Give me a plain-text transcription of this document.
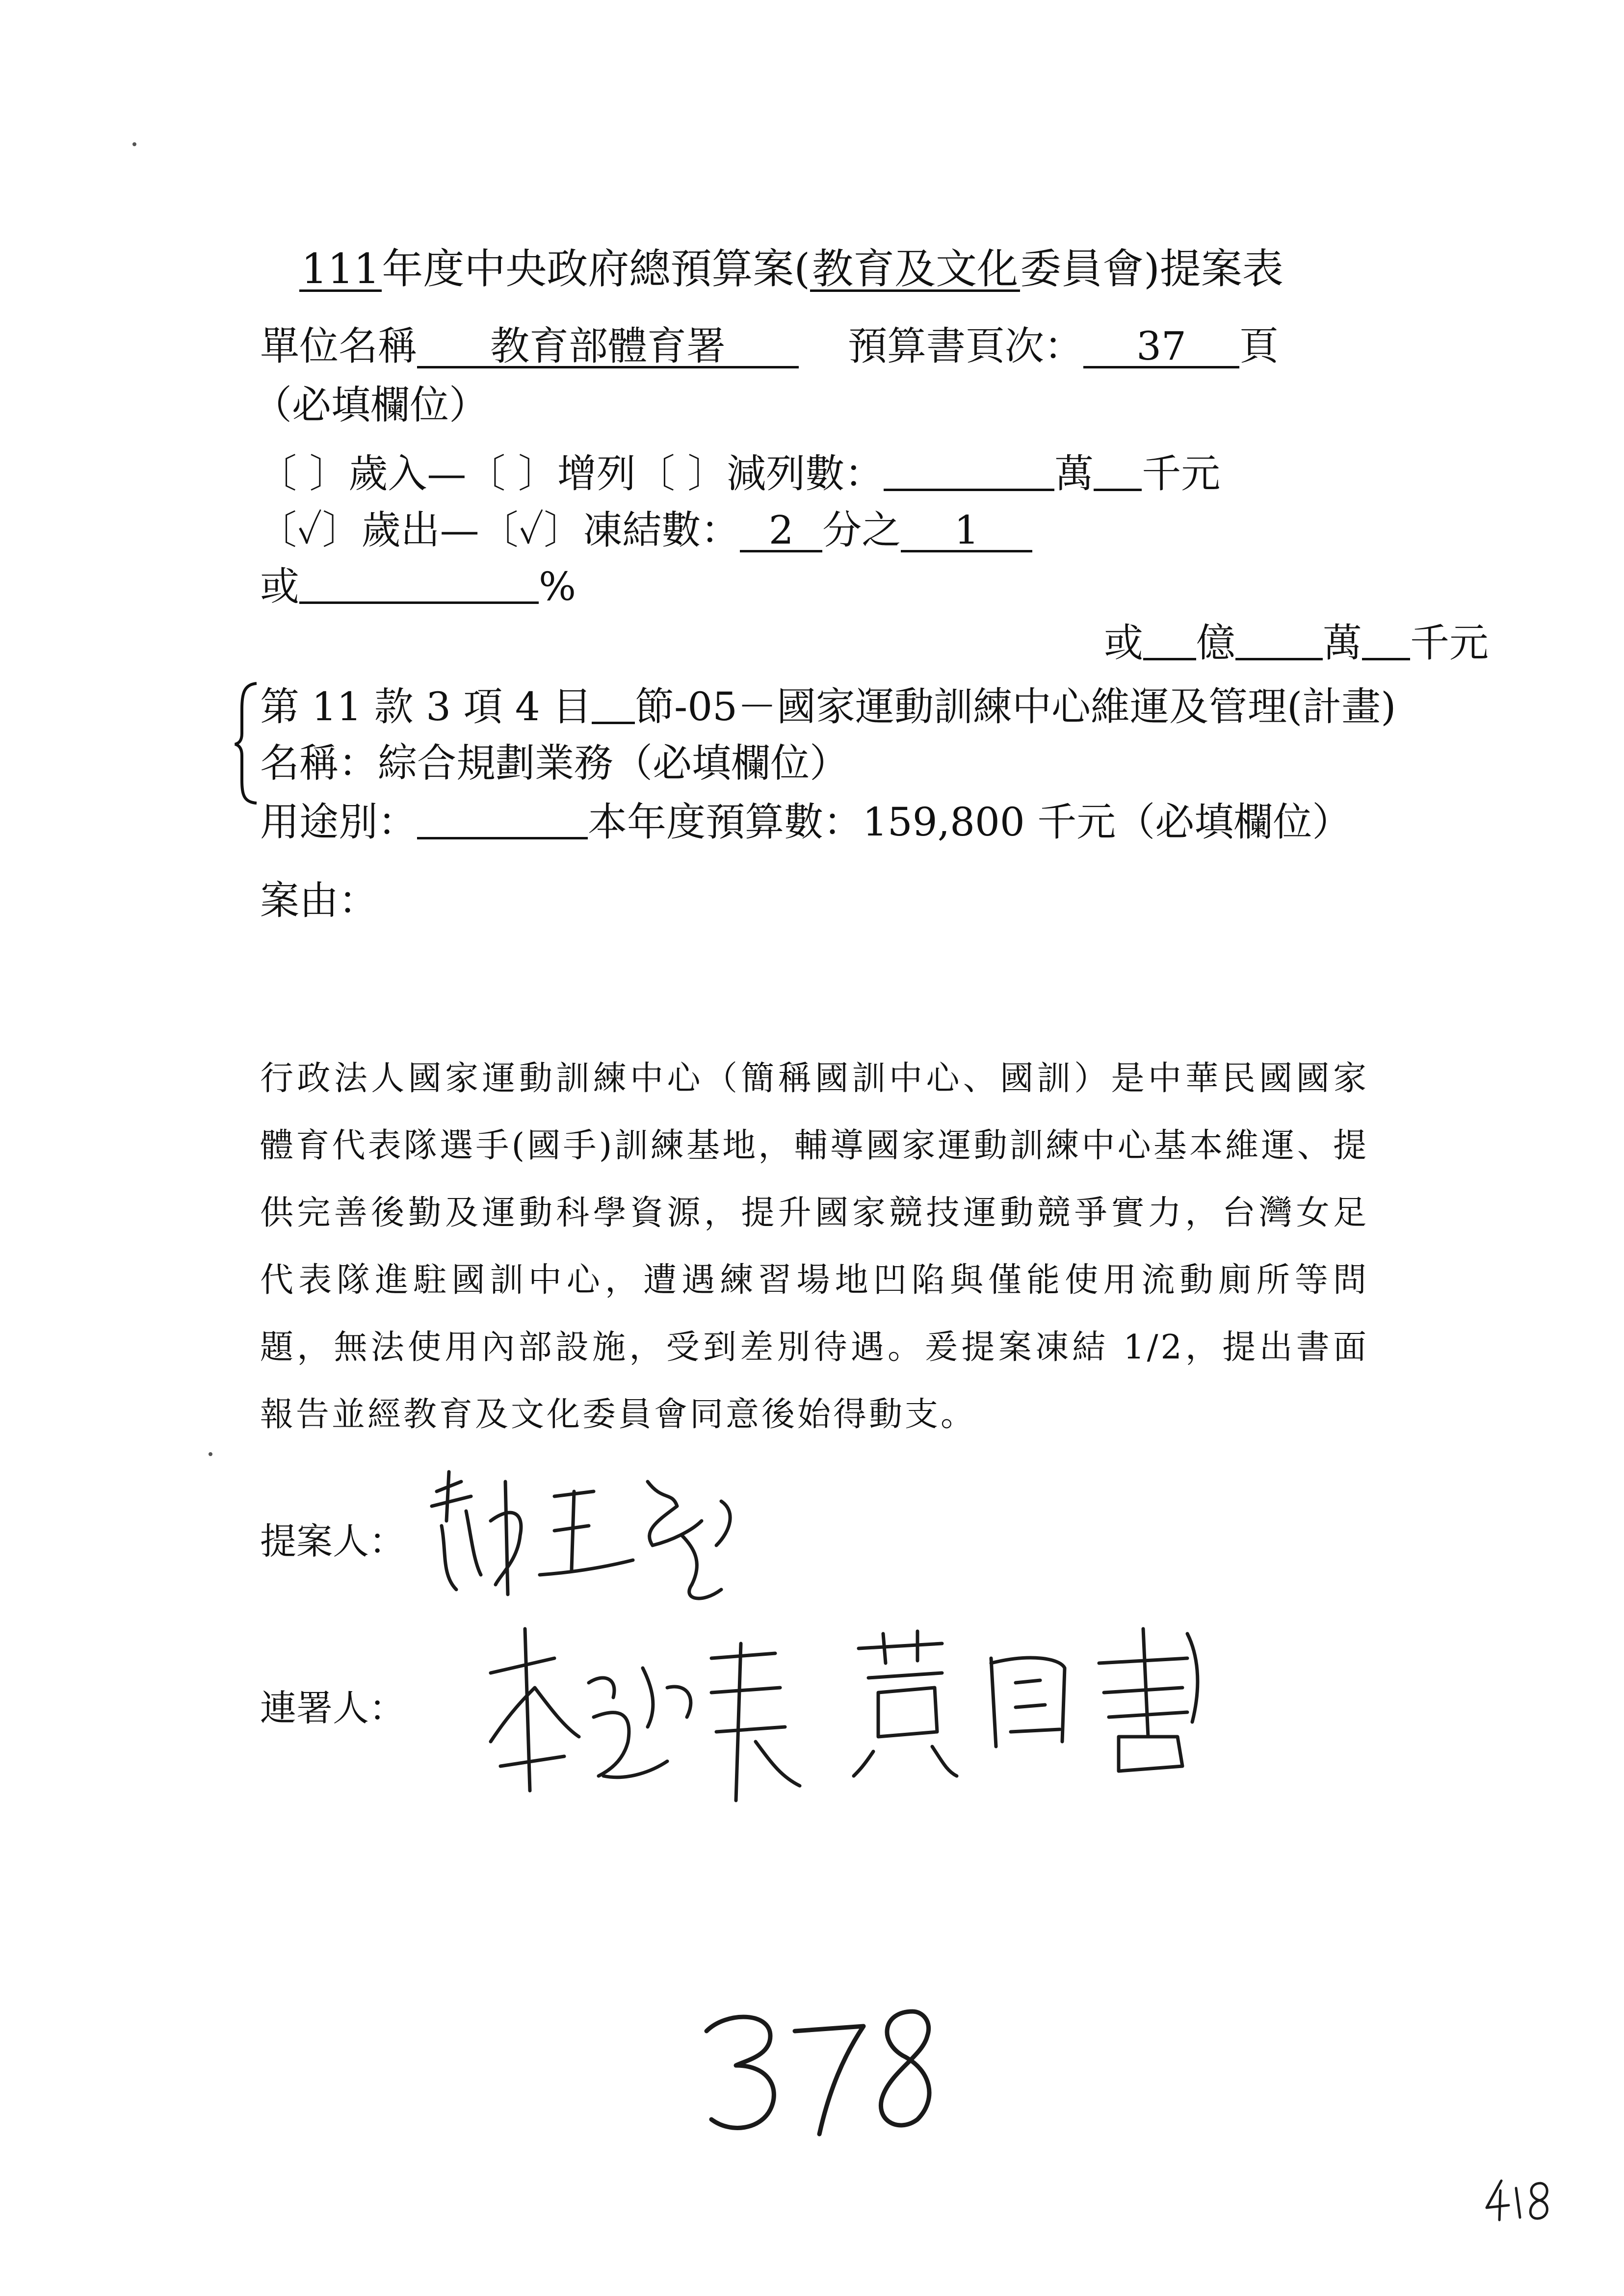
111年度中央政府總預算案(教育及文化委員會)提案表
單位名稱 教育部體育署	預算書頁次： 37 頁
（必填欄位）
〔 〕歲入—〔 〕增列〔 〕減列數：	萬 千元
〔✓〕歲出—〔✓〕凍結數： 2 分之 1
或	%
或 億 萬 千元
第 11 款 3 項 4 目 節-05－國家運動訓練中心維運及管理(計畫)
名稱：綜合規劃業務（必填欄位）
用途別：	本年度預算數：159,800 千元（必填欄位）
案由：
行政法人國家運動訓練中心（簡稱國訓中心、國訓）是中華民國國家體育代表隊選手(國手)訓練基地，輔導國家運動訓練中心基本維運、提供完善後勤及運動科學資源，提升國家競技運動競爭實力，台灣女足代表隊進駐國訓中心，遭遇練習場地凹陷與僅能使用流動廁所等問題，無法使用內部設施，受到差別待遇。爰提案凍結 1/2，提出書面報告並經教育及文化委員會同意後始得動支。
提案人：
連署人：
